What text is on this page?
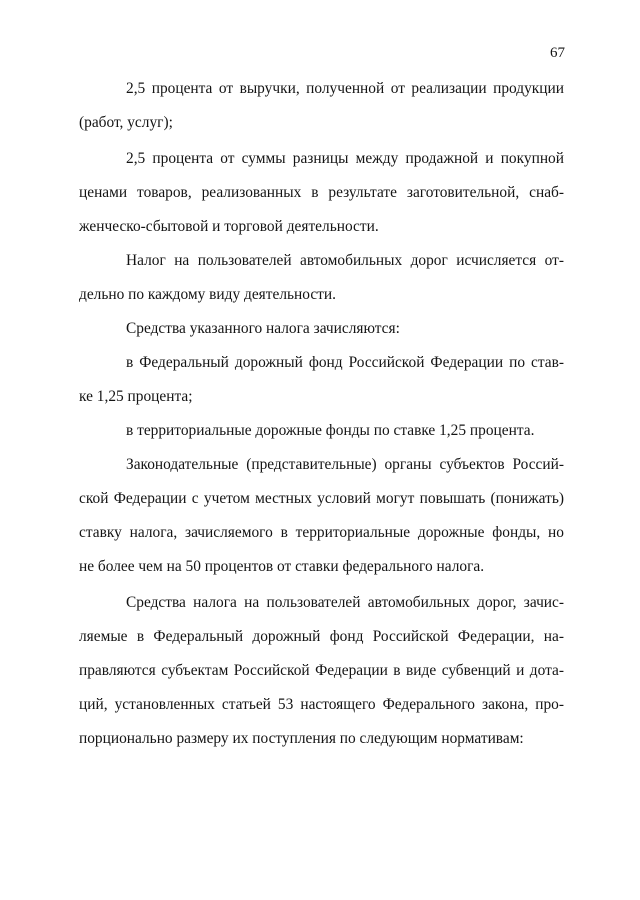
67
2,5 процента от выручки, полученной от реализации продукции
(работ, услуг);
2,5 процента от суммы разницы между продажной и покупной
ценами товаров, реализованных в результате заготовительной, снаб-
женческо-сбытовой и торговой деятельности.
Налог на пользователей автомобильных дорог исчисляется от-
дельно по каждому виду деятельности.
Средства указанного налога зачисляются:
в Федеральный дорожный фонд Российской Федерации по став-
ке 1,25 процента;
в территориальные дорожные фонды по ставке 1,25 процента.
Законодательные (представительные) органы субъектов Россий-
ской Федерации с учетом местных условий могут повышать (понижать)
ставку налога, зачисляемого в территориальные дорожные фонды, но
не более чем на 50 процентов от ставки федерального налога.
Средства налога на пользователей автомобильных дорог, зачис-
ляемые в Федеральный дорожный фонд Российской Федерации, на-
правляются субъектам Российской Федерации в виде субвенций и дота-
ций, установленных статьей 53 настоящего Федерального закона, про-
порционально размеру их поступления по следующим нормативам:
